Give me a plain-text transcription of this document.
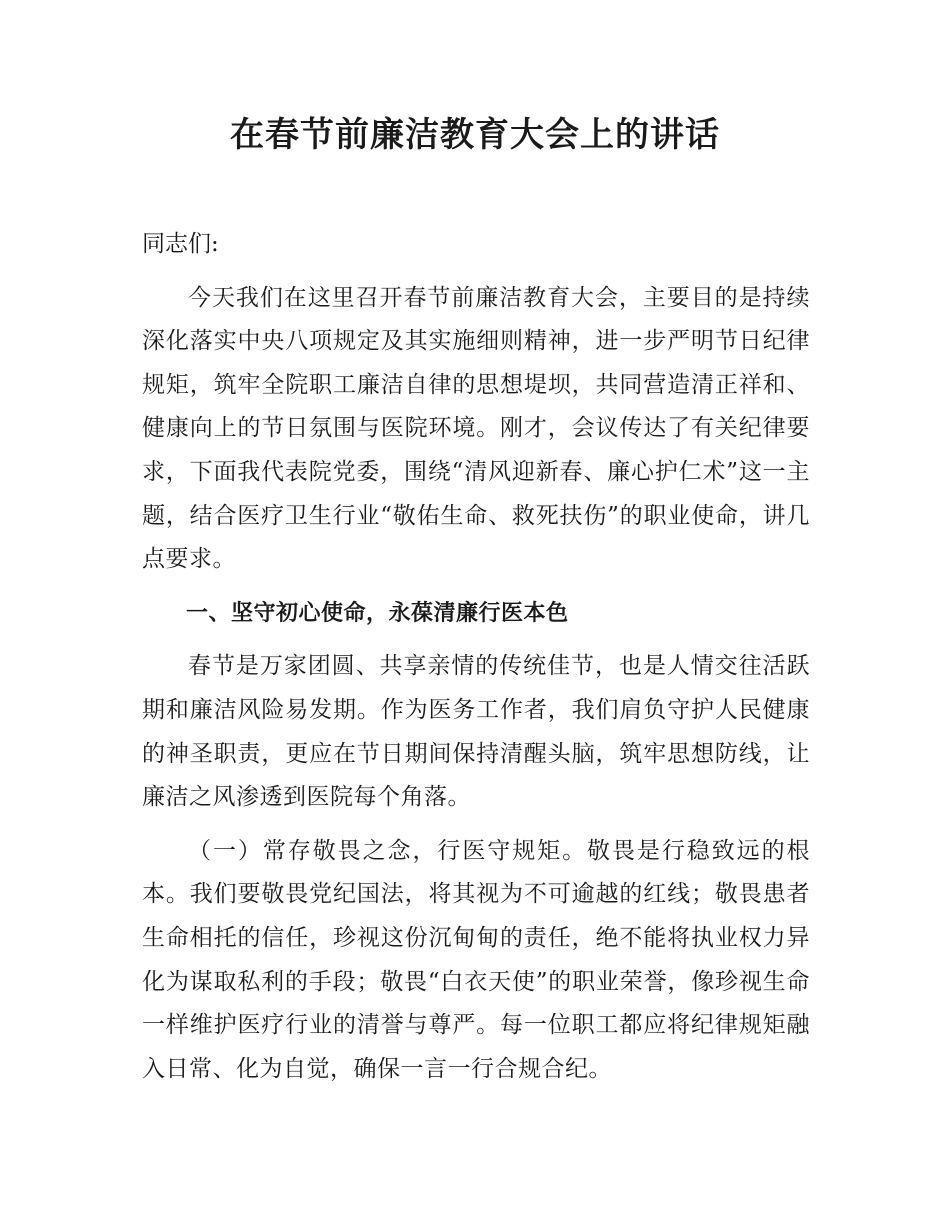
在春节前廉洁教育大会上的讲话

同志们:

今天我们在这里召开春节前廉洁教育大会，主要目的是持续深化落实中央八项规定及其实施细则精神，进一步严明节日纪律规矩，筑牢全院职工廉洁自律的思想堤坝，共同营造清正祥和、健康向上的节日氛围与医院环境。刚才，会议传达了有关纪律要求，下面我代表院党委，围绕“清风迎新春、廉心护仁术”这一主题，结合医疗卫生行业“敬佑生命、救死扶伤”的职业使命，讲几点要求。

一、坚守初心使命，永葆清廉行医本色

春节是万家团圆、共享亲情的传统佳节，也是人情交往活跃期和廉洁风险易发期。作为医务工作者，我们肩负守护人民健康的神圣职责，更应在节日期间保持清醒头脑，筑牢思想防线，让廉洁之风渗透到医院每个角落。

（一）常存敬畏之念，行医守规矩。敬畏是行稳致远的根本。我们要敬畏党纪国法，将其视为不可逾越的红线；敬畏患者生命相托的信任，珍视这份沉甸甸的责任，绝不能将执业权力异化为谋取私利的手段；敬畏“白衣天使”的职业荣誉，像珍视生命一样维护医疗行业的清誉与尊严。每一位职工都应将纪律规矩融入日常、化为自觉，确保一言一行合规合纪。
